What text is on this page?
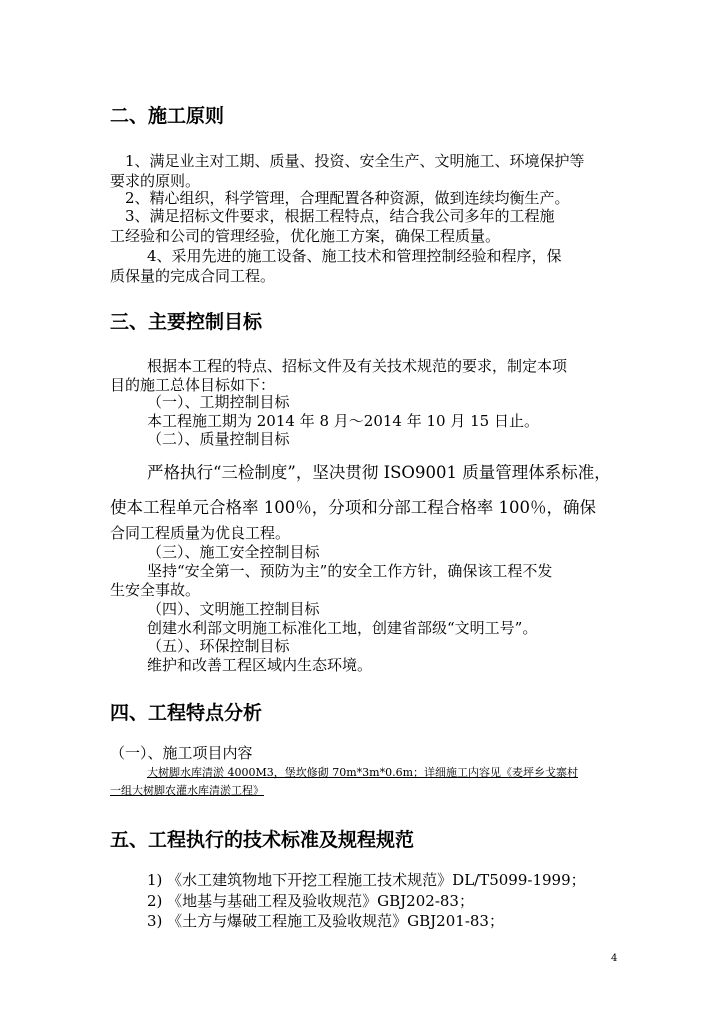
二、施工原则
1、满足业主对工期、质量、投资、安全生产、文明施工、环境保护等
要求的原则。
2、精心组织，科学管理，合理配置各种资源，做到连续均衡生产。
3、满足招标文件要求，根据工程特点，结合我公司多年的工程施
工经验和公司的管理经验，优化施工方案，确保工程质量。
4、采用先进的施工设备、施工技术和管理控制经验和程序，保
质保量的完成合同工程。
三、主要控制目标
根据本工程的特点、招标文件及有关技术规范的要求，制定本项
目的施工总体目标如下：
（一）、工期控制目标
本工程施工期为 2014 年 8 月～2014 年 10 月 15 日止。
（二）、质量控制目标
严格执行“三检制度”，坚决贯彻 ISO9001 质量管理体系标准，
使本工程单元合格率 100％，分项和分部工程合格率 100％，确保
合同工程质量为优良工程。
（三）、施工安全控制目标
坚持“安全第一、预防为主”的安全工作方针，确保该工程不发
生安全事故。
（四）、文明施工控制目标
创建水利部文明施工标准化工地，创建省部级“文明工号”。
（五）、环保控制目标
维护和改善工程区域内生态环境。
四、工程特点分析
（一）、施工项目内容
大树脚水库清淤 4000M3，堡坎修砌 70m*3m*0.6m；详细施工内容见《麦坪乡戈寨村
一组大树脚农灌水库清淤工程》
五、工程执行的技术标准及规程规范
1) 《水工建筑物地下开挖工程施工技术规范》DL/T5099-1999；
2) 《地基与基础工程及验收规范》GBJ202-83；
3) 《土方与爆破工程施工及验收规范》GBJ201-83；
4
